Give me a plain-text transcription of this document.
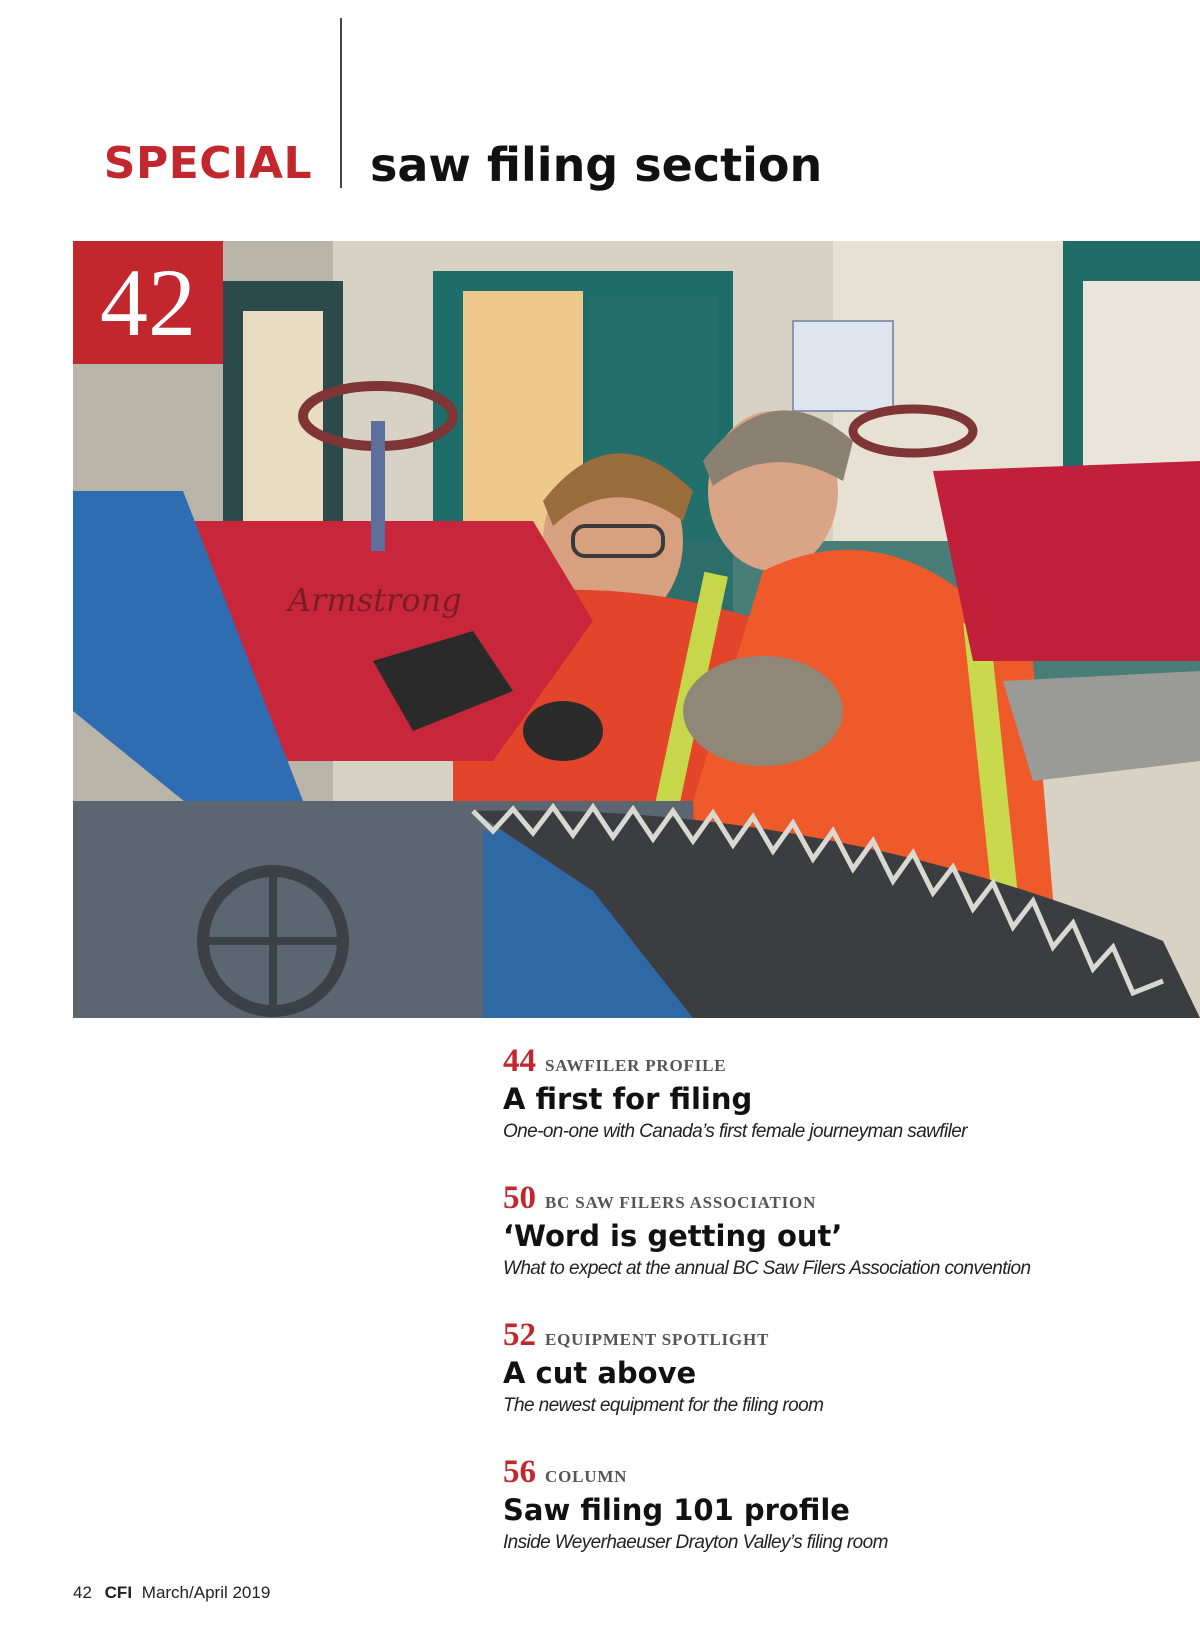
SPECIAL saw filing section
Armstrong
42
44 SAWFILER PROFILE
A first for filing
One-on-one with Canada’s first female journeyman sawfiler
50 BC SAW FILERS ASSOCIATION
‘Word is getting out’
What to expect at the annual BC Saw Filers Association convention
52 EQUIPMENT SPOTLIGHT
A cut above
The newest equipment for the filing room
56 COLUMN
Saw filing 101 profile
Inside Weyerhaeuser Drayton Valley’s filing room
42 CFI March/April 2019
